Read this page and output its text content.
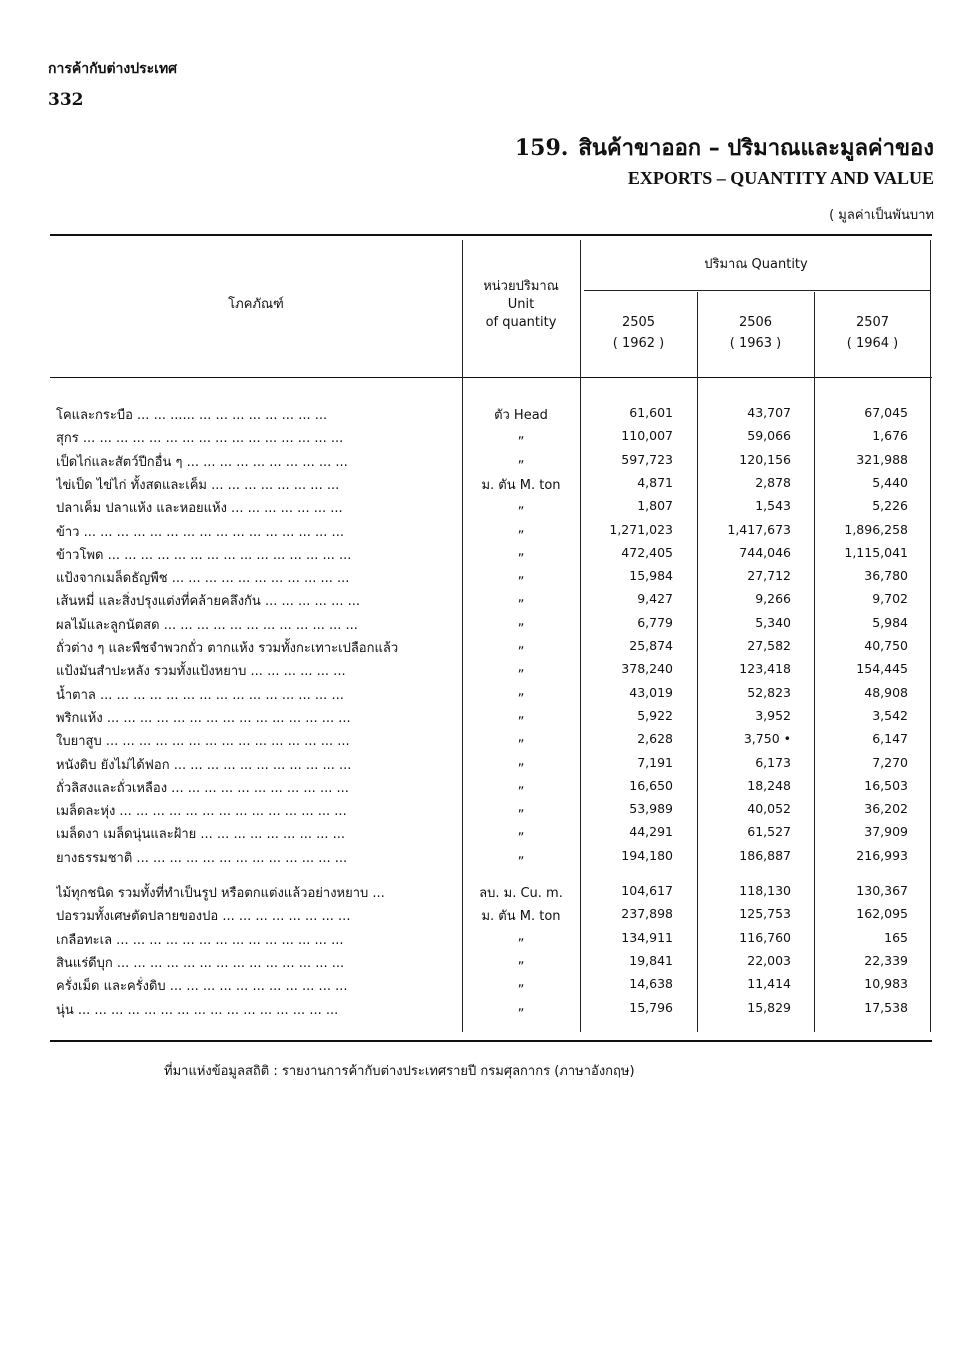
การค้ากับต่างประเทศ
332
159. สินค้าขาออก – ปริมาณและมูลค่าของ
EXPORTS – QUANTITY AND VALUE
( มูลค่าเป็นพันบาท
โภคภัณฑ์
หน่วยปริมาณ
Unit
of quantity
ปริมาณ Quantity
2505
( 1962 )
2506
( 1963 )
2507
( 1964 )
โคและกระบือ ... ... ...... ... ... ... ... ... ... ... ...	ตัว Head	61,601	43,707	67,045
สุกร ... ... ... ... ... ... ... ... ... ... ... ... ... ... ... ...	„	110,007	59,066	1,676
เป็ดไก่และสัตว์ปีกอื่น ๆ ... ... ... ... ... ... ... ... ... ...	„	597,723	120,156	321,988
ไข่เป็ด ไข่ไก่ ทั้งสดและเค็ม ... ... ... ... ... ... ... ...	ม. ตัน M. ton	4,871	2,878	5,440
ปลาเค็ม ปลาแห้ง และหอยแห้ง ... ... ... ... ... ... ...	„	1,807	1,543	5,226
ข้าว ... ... ... ... ... ... ... ... ... ... ... ... ... ... ... ...	„	1,271,023	1,417,673	1,896,258
ข้าวโพด ... ... ... ... ... ... ... ... ... ... ... ... ... ... ...	„	472,405	744,046	1,115,041
แป้งจากเมล็ดธัญพืช ... ... ... ... ... ... ... ... ... ... ...	„	15,984	27,712	36,780
เส้นหมี่ และสิ่งปรุงแต่งที่คล้ายคลึงกัน ... ... ... ... ... ...	„	9,427	9,266	9,702
ผลไม้และลูกนัตสด ... ... ... ... ... ... ... ... ... ... ... ...	„	6,779	5,340	5,984
ถั่วต่าง ๆ และพืชจำพวกถั่ว ตากแห้ง รวมทั้งกะเทาะเปลือกแล้ว	„	25,874	27,582	40,750
แป้งมันสำปะหลัง รวมทั้งแป้งหยาบ ... ... ... ... ... ...	„	378,240	123,418	154,445
น้ำตาล ... ... ... ... ... ... ... ... ... ... ... ... ... ... ...	„	43,019	52,823	48,908
พริกแห้ง ... ... ... ... ... ... ... ... ... ... ... ... ... ... ...	„	5,922	3,952	3,542
ใบยาสูบ ... ... ... ... ... ... ... ... ... ... ... ... ... ... ...	„	2,628	3,750 •	6,147
หนังดิบ ยังไม่ได้ฟอก ... ... ... ... ... ... ... ... ... ... ...	„	7,191	6,173	7,270
ถั่วลิสงและถั่วเหลือง ... ... ... ... ... ... ... ... ... ... ...	„	16,650	18,248	16,503
เมล็ดละหุ่ง ... ... ... ... ... ... ... ... ... ... ... ... ... ...	„	53,989	40,052	36,202
เมล็ดงา เมล็ดนุ่นและฝ้าย ... ... ... ... ... ... ... ... ...	„	44,291	61,527	37,909
ยางธรรมชาติ ... ... ... ... ... ... ... ... ... ... ... ... ...	„	194,180	186,887	216,993
ไม้ทุกชนิด รวมทั้งที่ทำเป็นรูป หรือตกแต่งแล้วอย่างหยาบ ...	ลบ. ม. Cu. m.	104,617	118,130	130,367
ปอรวมทั้งเศษตัดปลายของปอ ... ... ... ... ... ... ... ...	ม. ตัน M. ton	237,898	125,753	162,095
เกลือทะเล ... ... ... ... ... ... ... ... ... ... ... ... ... ...	„	134,911	116,760	165
สินแร่ดีบุก ... ... ... ... ... ... ... ... ... ... ... ... ... ...	„	19,841	22,003	22,339
ครั่งเม็ด และครั่งดิบ ... ... ... ... ... ... ... ... ... ... ...	„	14,638	11,414	10,983
นุ่น ... ... ... ... ... ... ... ... ... ... ... ... ... ... ... ...	„	15,796	15,829	17,538
ที่มาแห่งข้อมูลสถิติ : รายงานการค้ากับต่างประเทศรายปี กรมศุลกากร (ภาษาอังกฤษ)
